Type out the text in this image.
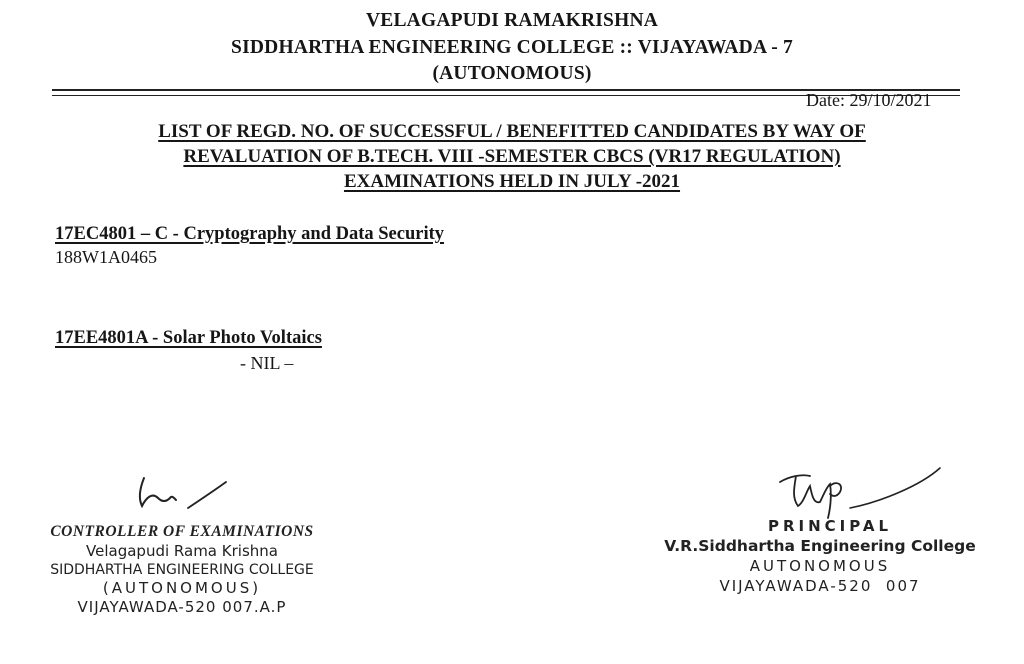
VELAGAPUDI RAMAKRISHNA
SIDDHARTHA ENGINEERING COLLEGE :: VIJAYAWADA - 7
(AUTONOMOUS)
Date: 29/10/2021
LIST OF REGD. NO. OF SUCCESSFUL / BENEFITTED CANDIDATES BY WAY OF
REVALUATION OF B.TECH. VIII -SEMESTER CBCS (VR17 REGULATION)
EXAMINATIONS HELD IN JULY -2021
17EC4801 – C - Cryptography and Data Security
188W1A0465
17EE4801A - Solar Photo Voltaics
- NIL –
CONTROLLER OF EXAMINATIONS
Velagapudi Rama Krishna
SIDDHARTHA ENGINEERING COLLEGE
(AUTONOMOUS)
VIJAYAWADA-520 007.A.P
PRINCIPAL
V.R.Siddhartha Engineering College
AUTONOMOUS
VIJAYAWADA-520  007
